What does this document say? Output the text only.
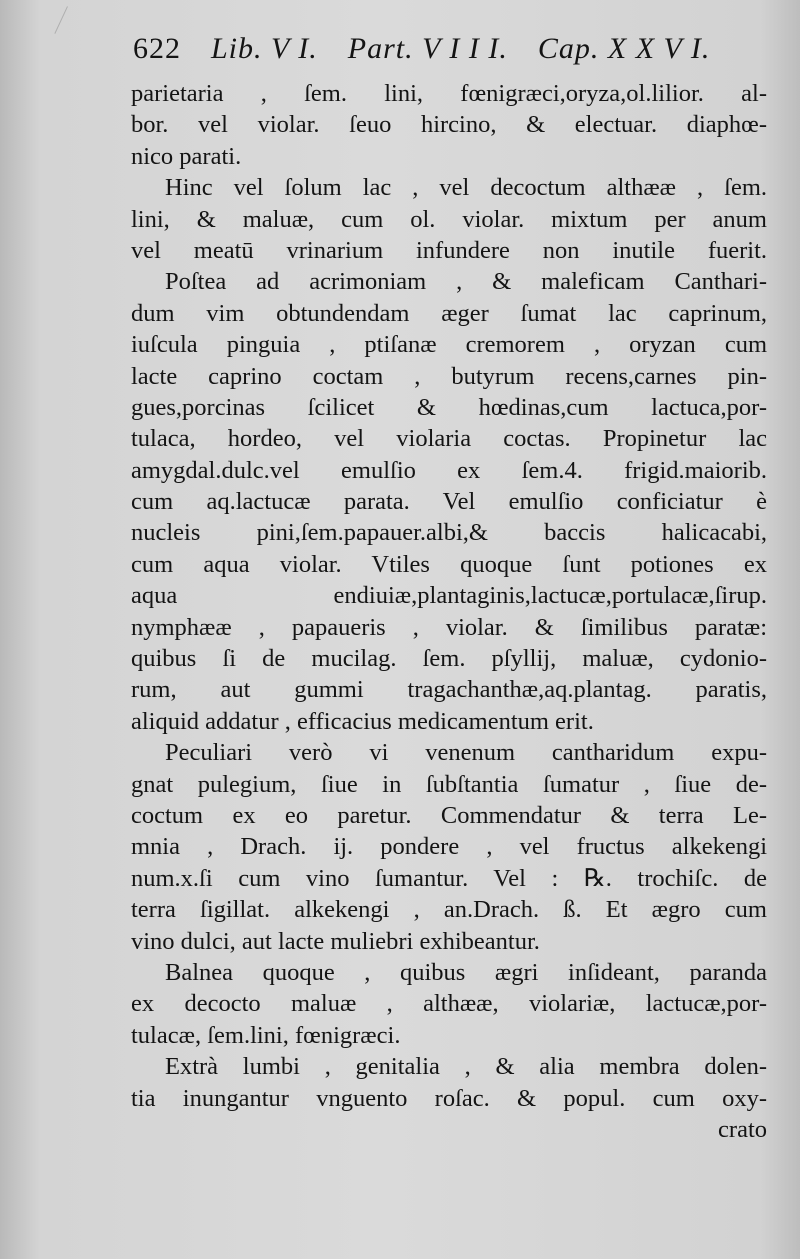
622 Lib. V I. Part. V I I I. Cap. X X V I.
parietaria , ſem. lini, fœnigræci,oryza,ol.lilior. al-
bor. vel violar. ſeuo hircino, & electuar. diaphœ-
nico parati.
Hinc vel ſolum lac , vel decoctum althææ , ſem.
lini, & maluæ, cum ol. violar. mixtum per anum
vel meatū vrinarium infundere non inutile fuerit.
Poſtea ad acrimoniam , & maleficam Canthari-
dum vim obtundendam æger ſumat lac caprinum,
iuſcula pinguia , ptiſanæ cremorem , oryzan cum
lacte caprino coctam , butyrum recens,carnes pin-
gues,porcinas ſcilicet & hœdinas,cum lactuca,por-
tulaca, hordeo, vel violaria coctas. Propinetur lac
amygdal.dulc.vel emulſio ex ſem.4. frigid.maiorib.
cum aq.lactucæ parata. Vel emulſio conficiatur è
nucleis pini,ſem.papauer.albi,& baccis halicacabi,
cum aqua violar. Vtiles quoque ſunt potiones ex
aqua endiuiæ,plantaginis,lactucæ,portulacæ,ſirup.
nymphææ , papaueris , violar. & ſimilibus paratæ:
quibus ſi de mucilag. ſem. pſyllij, maluæ, cydonio-
rum, aut gummi tragachanthæ,aq.plantag. paratis,
aliquid addatur , efficacius medicamentum erit.
Peculiari verò vi venenum cantharidum expu-
gnat pulegium, ſiue in ſubſtantia ſumatur , ſiue de-
coctum ex eo paretur. Commendatur & terra Le-
mnia , Drach. ij. pondere , vel fructus alkekengi
num.x.ſi cum vino ſumantur. Vel : ℞. trochiſc. de
terra ſigillat. alkekengi , an.Drach. ß. Et ægro cum
vino dulci, aut lacte muliebri exhibeantur.
Balnea quoque , quibus ægri inſideant, paranda
ex decocto maluæ , althææ, violariæ, lactucæ,por-
tulacæ, ſem.lini, fœnigræci.
Extrà lumbi , genitalia , & alia membra dolen-
tia inungantur vnguento roſac. & popul. cum oxy-
crato
